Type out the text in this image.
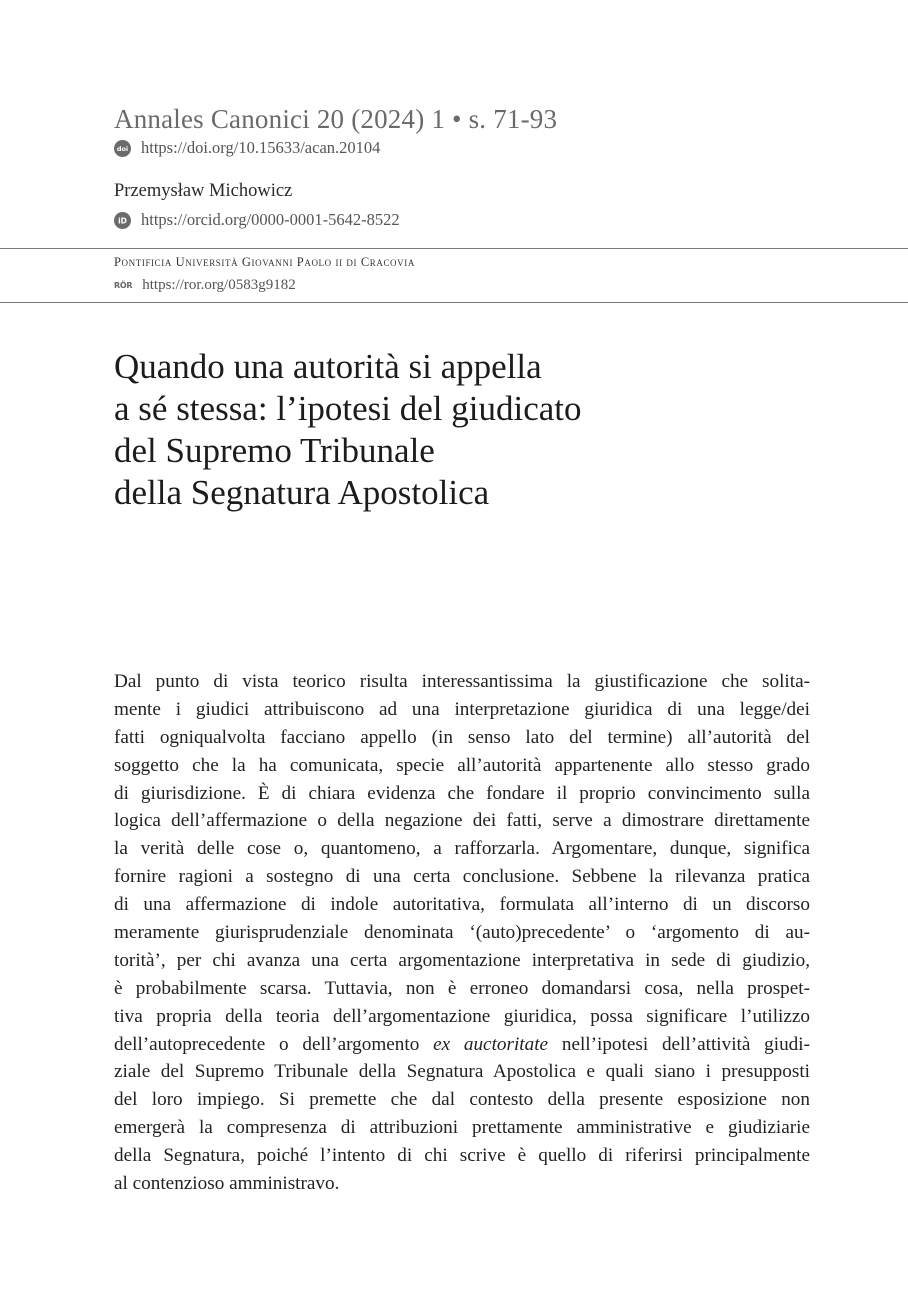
Annales Canonici 20 (2024) 1 • s. 71-93
doi https://doi.org/10.15633/acan.20104
Przemysław Michowicz
iD https://orcid.org/0000-0001-5642-8522
Pontificia Università Giovanni Paolo ii di Cracovia
RÖR https://ror.org/0583g9182
Quando una autorità si appella
a sé stessa: l’ipotesi del giudicato
del Supremo Tribunale
della Segnatura Apostolica
Dal punto di vista teorico risulta interessantissima la giustificazione che solita-
mente i giudici attribuiscono ad una interpretazione giuridica di una legge/dei
fatti ogniqualvolta facciano appello (in senso lato del termine) all’autorità del
soggetto che la ha comunicata, specie all’autorità appartenente allo stesso grado
di giurisdizione. È di chiara evidenza che fondare il proprio convincimento sulla
logica dell’affermazione o della negazione dei fatti, serve a dimostrare direttamente
la verità delle cose o, quantomeno, a rafforzarla. Argomentare, dunque, significa
fornire ragioni a sostegno di una certa conclusione. Sebbene la rilevanza pratica
di una affermazione di indole autoritativa, formulata all’interno di un discorso
meramente giurisprudenziale denominata ‘(auto)precedente’ o ‘argomento di au-
torità’, per chi avanza una certa argomentazione interpretativa in sede di giudizio,
è probabilmente scarsa. Tuttavia, non è erroneo domandarsi cosa, nella prospet-
tiva propria della teoria dell’argomentazione giuridica, possa significare l’utilizzo
dell’autoprecedente o dell’argomento ex auctoritate nell’ipotesi dell’attività giudi-
ziale del Supremo Tribunale della Segnatura Apostolica e quali siano i presupposti
del loro impiego. Si premette che dal contesto della presente esposizione non
emergerà la compresenza di attribuzioni prettamente amministrative e giudiziarie
della Segnatura, poiché l’intento di chi scrive è quello di riferirsi principalmente
al contenzioso amministravo.
